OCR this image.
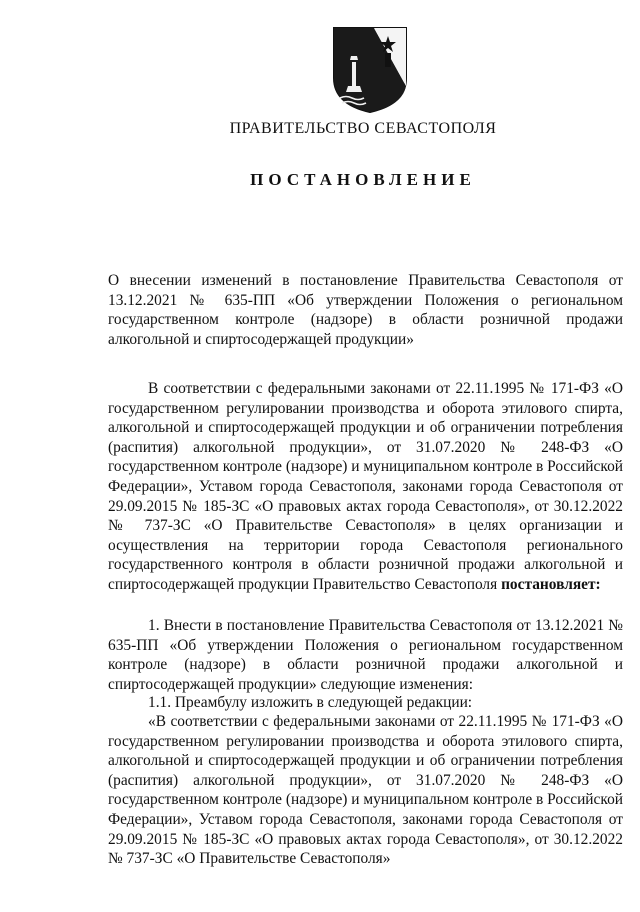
ПРАВИТЕЛЬСТВО СЕВАСТОПОЛЯ
ПОСТАНОВЛЕНИЕ
О внесении изменений в постановление Правительства Севастополя от 13.12.2021 № 635-ПП «Об утверждении Положения о региональном государственном контроле (надзоре) в области розничной продажи алкогольной и спиртосодержащей продукции»
В соответствии с федеральными законами от 22.11.1995 № 171-ФЗ «О государственном регулировании производства и оборота этилового спирта, алкогольной и спиртосодержащей продукции и об ограничении потребления (распития) алкогольной продукции», от 31.07.2020 № 248-ФЗ «О государственном контроле (надзоре) и муниципальном контроле в Российской Федерации», Уставом города Севастополя, законами города Севастополя от 29.09.2015 № 185-ЗС «О правовых актах города Севастополя», от 30.12.2022 № 737-ЗС «О Правительстве Севастополя» в целях организации и осуществления на территории города Севастополя регионального государственного контроля в области розничной продажи алкогольной и спиртосодержащей продукции Правительство Севастополя постановляет:
1. Внести в постановление Правительства Севастополя от 13.12.2021 № 635-ПП «Об утверждении Положения о региональном государственном контроле (надзоре) в области розничной продажи алкогольной и спиртосодержащей продукции» следующие изменения:
1.1. Преамбулу изложить в следующей редакции:
«В соответствии с федеральными законами от 22.11.1995 № 171-ФЗ «О государственном регулировании производства и оборота этилового спирта, алкогольной и спиртосодержащей продукции и об ограничении потребления (распития) алкогольной продукции», от 31.07.2020 № 248-ФЗ «О государственном контроле (надзоре) и муниципальном контроле в Российской Федерации», Уставом города Севастополя, законами города Севастополя от 29.09.2015 № 185-ЗС «О правовых актах города Севастополя», от 30.12.2022 № 737-ЗС «О Правительстве Севастополя»
